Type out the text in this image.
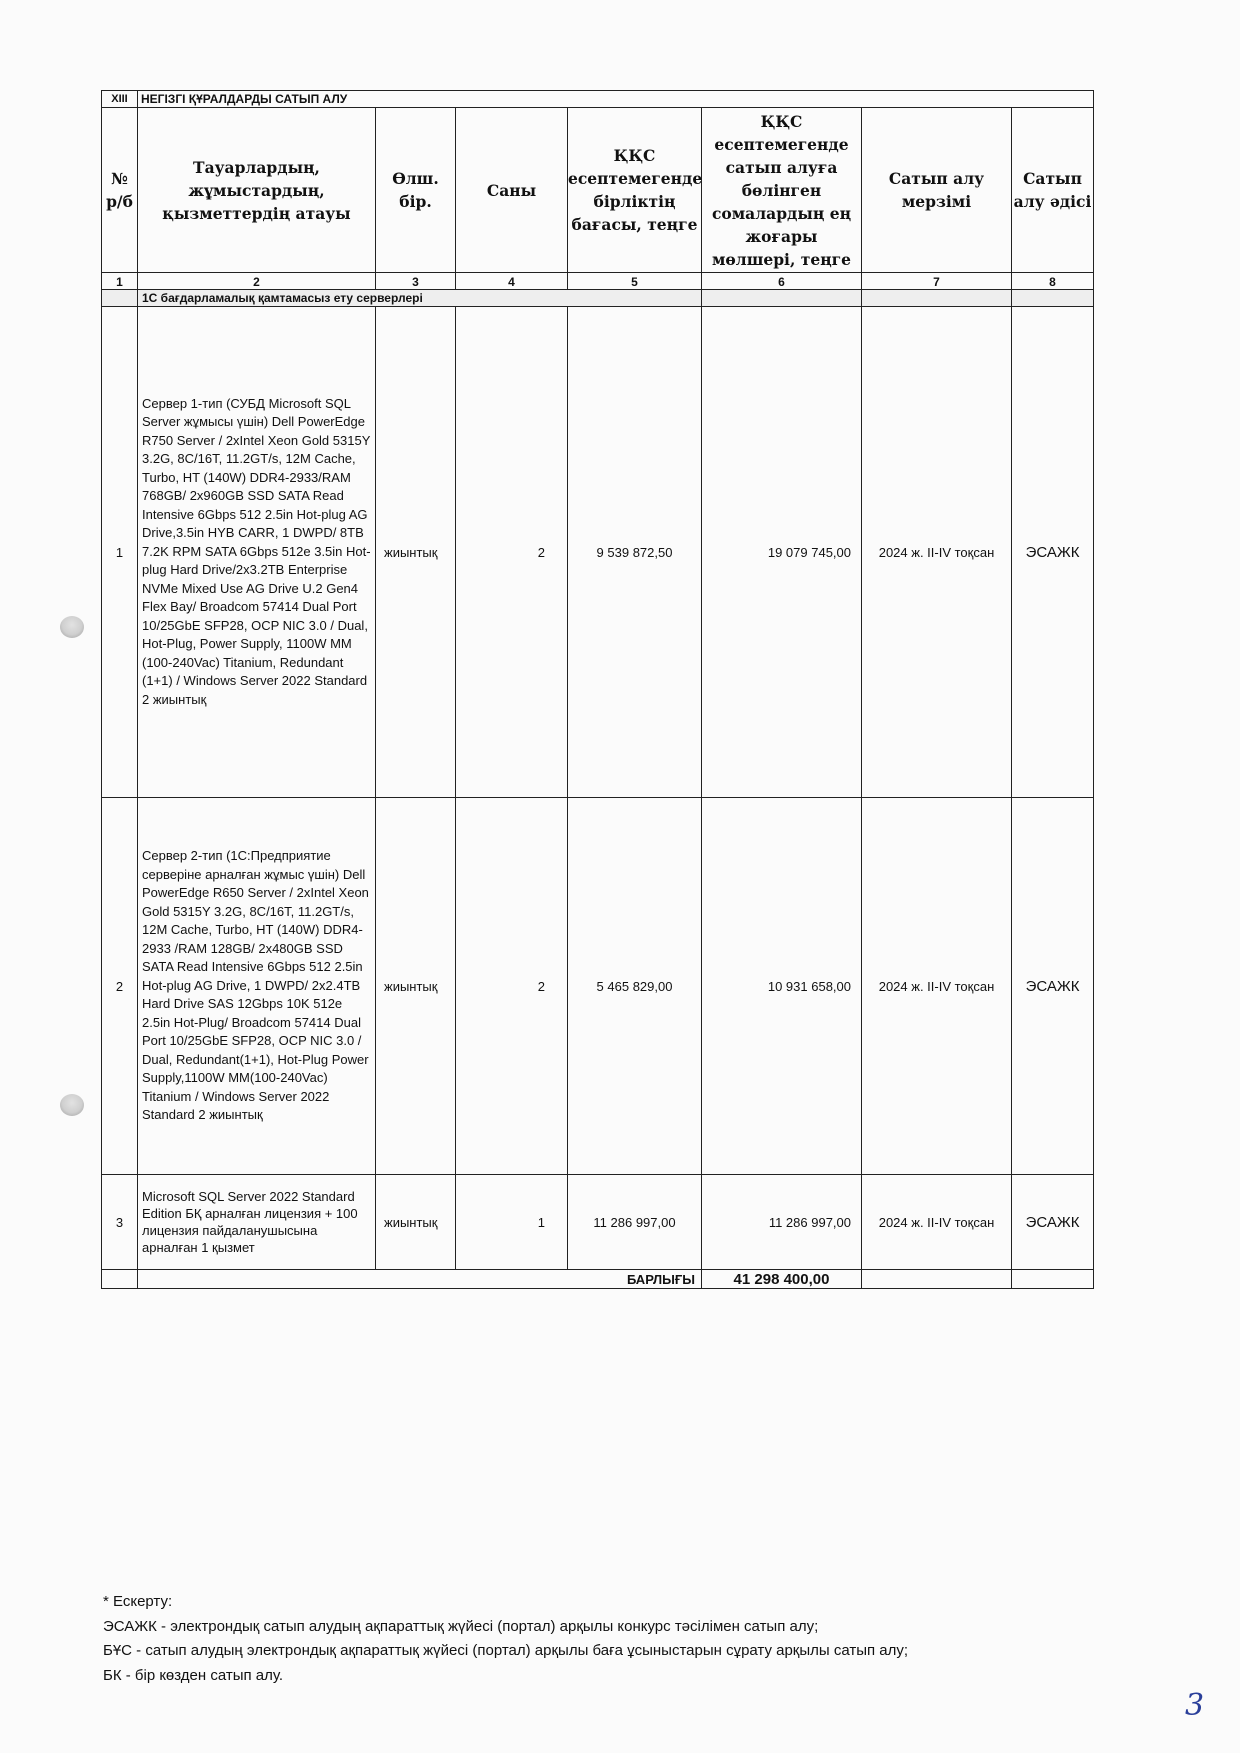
XIII	НЕГІЗГІ ҚҰРАЛДАРДЫ САТЫП АЛУ						
№ р/б	Тауарлардың, жұмыстардың, қызметтердің атауы	Өлш. бір.	Саны	ҚҚС есептемегенде бірліктің бағасы, теңге	ҚҚС есептемегенде сатып алуға бөлінген сомалардың ең жоғары мөлшері, теңге	Сатып алу мерзімі	Сатып алу әдісі
1	2	3	4	5	6	7	8
	1С бағдарламалық қамтамасыз ету серверлері						
1	Сервер 1-тип (СУБД Microsoft SQL Server жұмысы үшін) Dell PowerEdge R750 Server / 2xIntel Xeon Gold 5315Y 3.2G, 8C/16T, 11.2GT/s, 12M Cache, Turbo, HT (140W) DDR4-2933/RAM 768GB/ 2x960GB SSD SATA Read Intensive 6Gbps 512 2.5in Hot-plug AG Drive,3.5in HYB CARR, 1 DWPD/ 8TB 7.2K RPM SATA 6Gbps 512e 3.5in Hot-plug Hard Drive/2x3.2TB Enterprise NVMe Mixed Use AG Drive U.2 Gen4 Flex Bay/ Broadcom 57414 Dual Port 10/25GbE SFP28, OCP NIC 3.0 / Dual, Hot-Plug, Power Supply, 1100W MM (100-240Vac) Titanium, Redundant (1+1) / Windows Server 2022 Standard 2 жиынтық	жиынтық	2	9 539 872,50	19 079 745,00	2024 ж. II-IV тоқсан	ЭСАЖК
2	Сервер 2-тип (1С:Предприятие серверіне арналған жұмыс үшін) Dell PowerEdge R650 Server / 2xIntel Xeon Gold 5315Y 3.2G, 8C/16T, 11.2GT/s, 12M Cache, Turbo, HT (140W) DDR4-2933 /RAM 128GB/ 2x480GB SSD SATA Read Intensive 6Gbps 512 2.5in Hot-plug AG Drive, 1 DWPD/ 2x2.4TB Hard Drive SAS 12Gbps 10K 512e 2.5in Hot-Plug/ Broadcom 57414 Dual Port 10/25GbE SFP28, OCP NIC 3.0 / Dual, Redundant(1+1), Hot-Plug Power Supply,1100W MM(100-240Vac) Titanium / Windows Server 2022 Standard 2 жиынтық	жиынтық	2	5 465 829,00	10 931 658,00	2024 ж. II-IV тоқсан	ЭСАЖК
3	Microsoft SQL Server 2022 Standard Edition БҚ арналған лицензия + 100 лицензия пайдаланушысына арналған 1 қызмет	жиынтық	1	11 286 997,00	11 286 997,00	2024 ж. II-IV тоқсан	ЭСАЖК
	БАРЛЫҒЫ				41 298 400,00		
* Ескерту:
ЭСАЖК - электрондық сатып алудың ақпараттық жүйесі (портал) арқылы конкурс тәсілімен сатып алу;
БҰС - сатып алудың электрондық ақпараттық жүйесі (портал) арқылы баға ұсыныстарын сұрату арқылы сатып алу;
БК - бір көзден сатып алу.
3
